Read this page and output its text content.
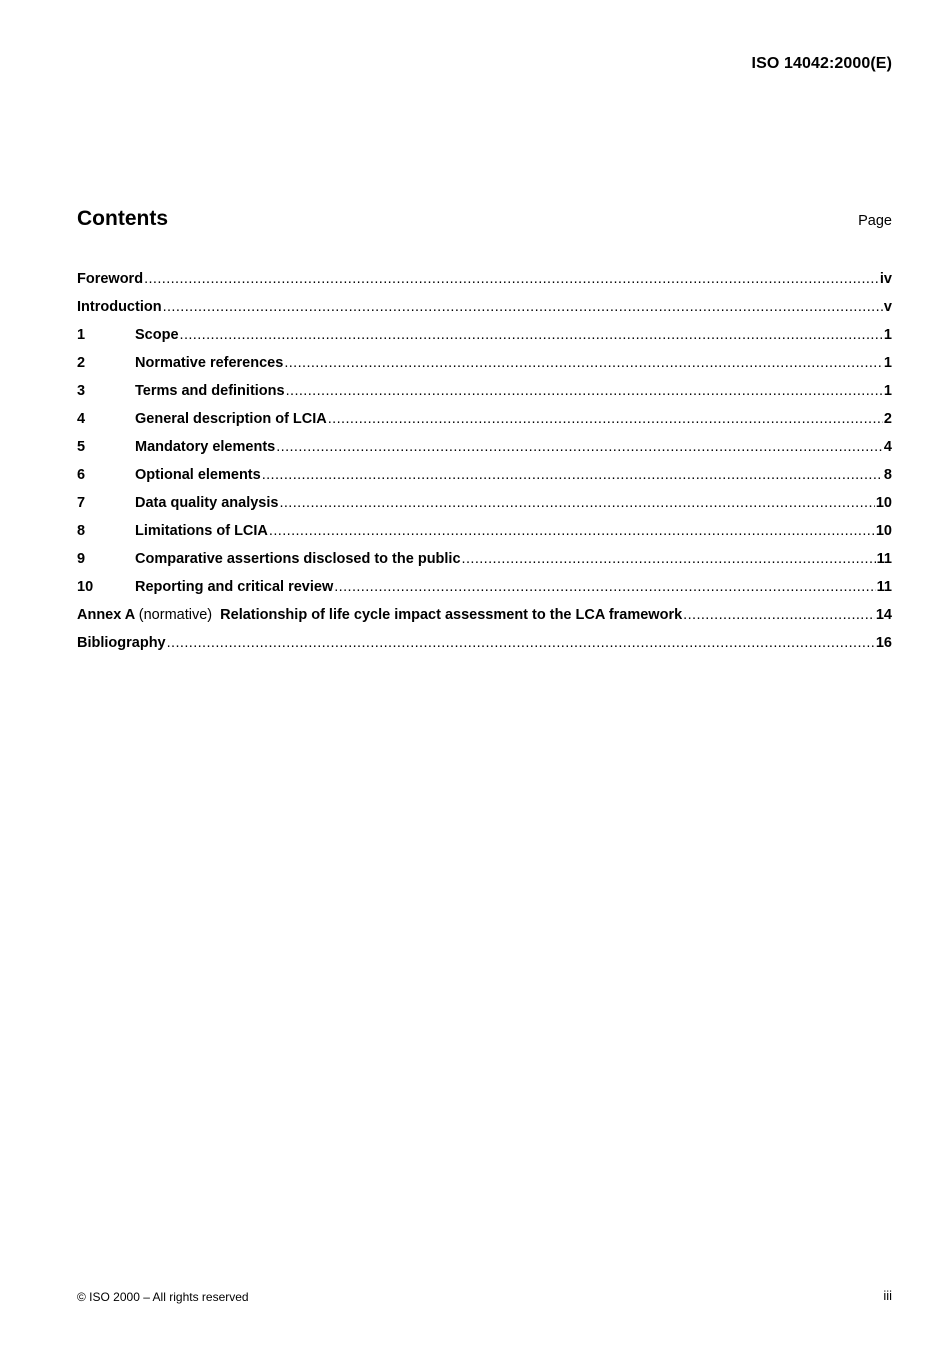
ISO 14042:2000(E)
Contents	Page
Foreword .....	iv
Introduction .....	v
1	Scope .....	1
2	Normative references .....	1
3	Terms and definitions .....	1
4	General description of LCIA .....	2
5	Mandatory elements .....	4
6	Optional elements .....	8
7	Data quality analysis .....	10
8	Limitations of LCIA .....	10
9	Comparative assertions disclosed to the public .....	11
10	Reporting and critical review .....	11
Annex A (normative) Relationship of life cycle impact assessment to the LCA framework .....	14
Bibliography .....	16
© ISO 2000 – All rights reserved	iii
